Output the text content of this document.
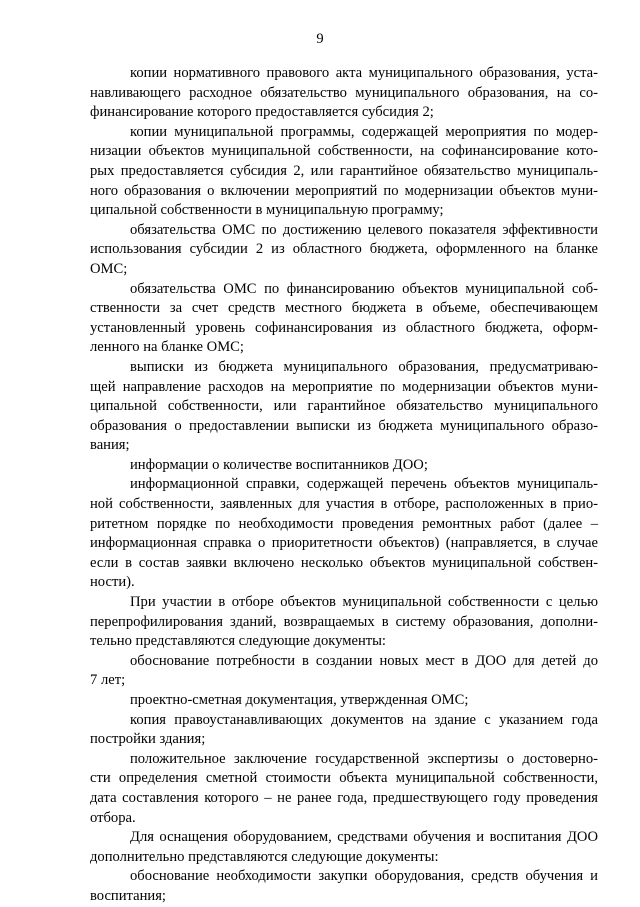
9
копии нормативного правового акта муниципального образования, уста-
навливающего расходное обязательство муниципального образования, на со-
финансирование которого предоставляется субсидия 2;
копии муниципальной программы, содержащей мероприятия по модер-
низации объектов муниципальной собственности, на софинансирование кото-
рых предоставляется субсидия 2, или гарантийное обязательство муниципаль-
ного образования о включении мероприятий по модернизации объектов муни-
ципальной собственности в муниципальную программу;
обязательства ОМС по достижению целевого показателя эффективности
использования субсидии 2 из областного бюджета, оформленного на бланке
ОМС;
обязательства ОМС по финансированию объектов муниципальной соб-
ственности за счет средств местного бюджета в объеме, обеспечивающем
установленный уровень софинансирования из областного бюджета, оформ-
ленного на бланке ОМС;
выписки из бюджета муниципального образования, предусматриваю-
щей направление расходов на мероприятие по модернизации объектов муни-
ципальной собственности, или гарантийное обязательство муниципального
образования о предоставлении выписки из бюджета муниципального образо-
вания;
информации о количестве воспитанников ДОО;
информационной справки, содержащей перечень объектов муниципаль-
ной собственности, заявленных для участия в отборе, расположенных в прио-
ритетном порядке по необходимости проведения ремонтных работ (далее –
информационная справка о приоритетности объектов) (направляется, в случае
если в состав заявки включено несколько объектов муниципальной собствен-
ности).
При участии в отборе объектов муниципальной собственности с целью
перепрофилирования зданий, возвращаемых в систему образования, дополни-
тельно представляются следующие документы:
обоснование потребности в создании новых мест в ДОО для детей до
7 лет;
проектно-сметная документация, утвержденная ОМС;
копия правоустанавливающих документов на здание с указанием года
постройки здания;
положительное заключение государственной экспертизы о достоверно-
сти определения сметной стоимости объекта муниципальной собственности,
дата составления которого – не ранее года, предшествующего году проведения
отбора.
Для оснащения оборудованием, средствами обучения и воспитания ДОО
дополнительно представляются следующие документы:
обоснование необходимости закупки оборудования, средств обучения и
воспитания;
